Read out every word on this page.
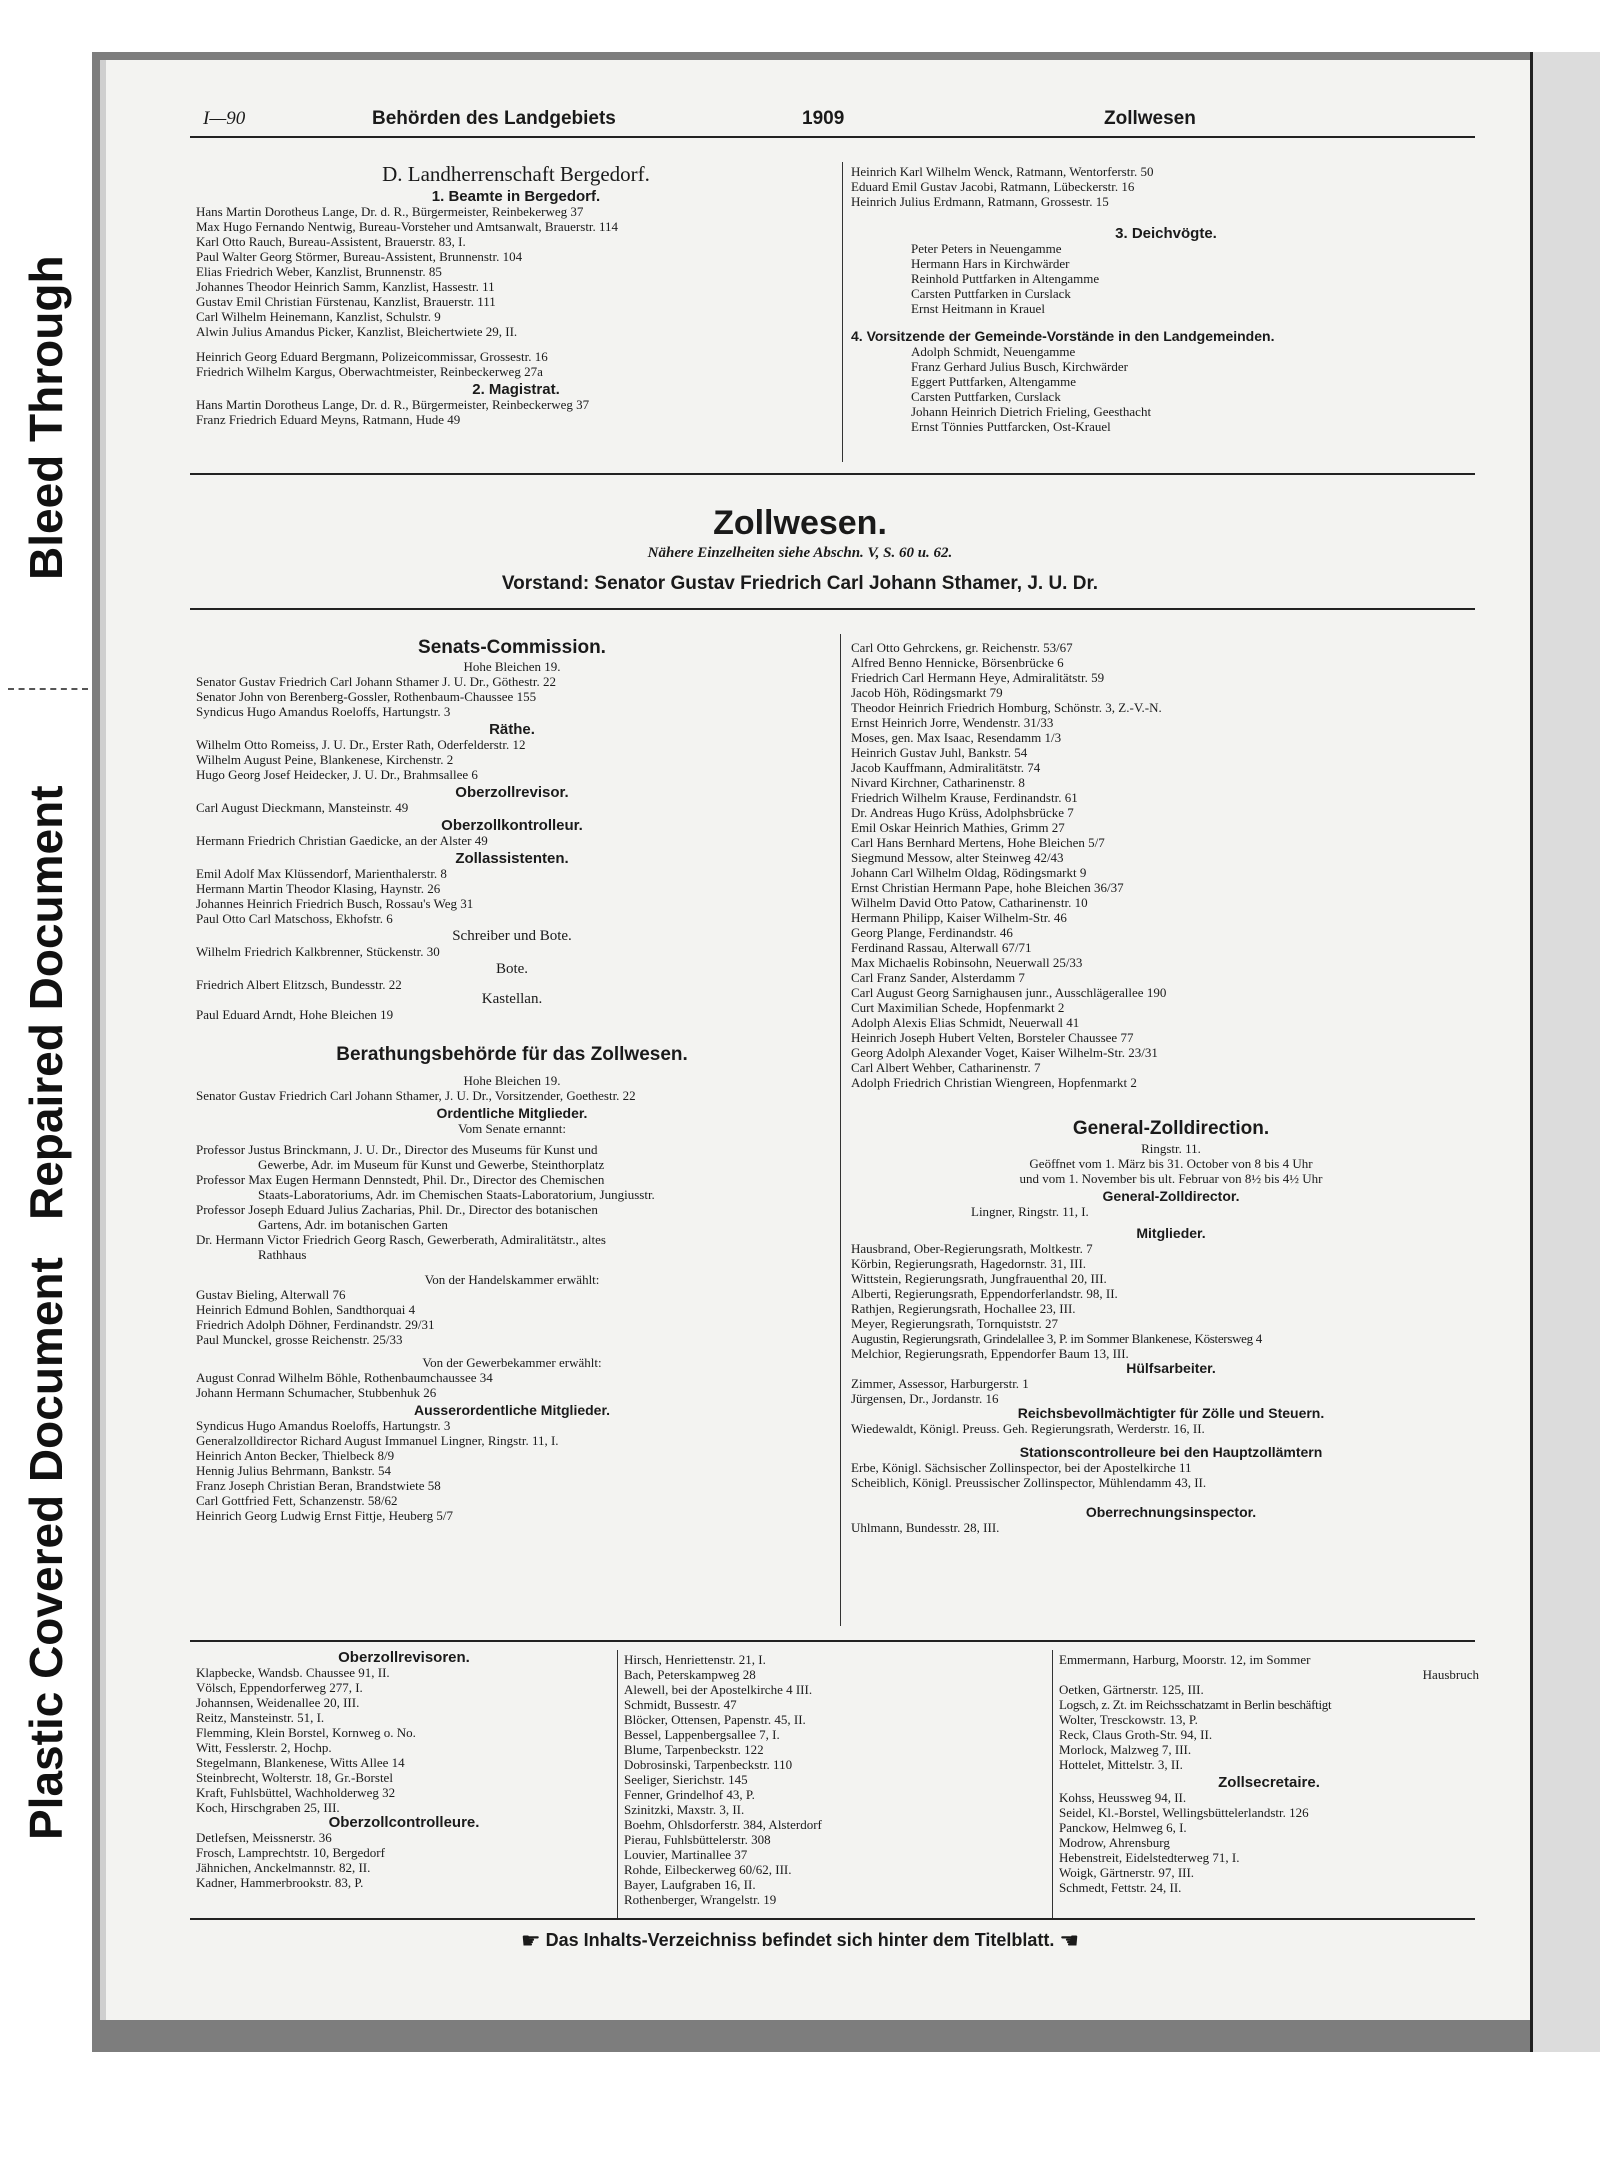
Bleed Through
Repaired Document
Plastic Covered Document
I—90	Behörden des Landgebiets	1909	Zollwesen
D. Landherrenschaft Bergedorf.
1. Beamte in Bergedorf.
Hans Martin Dorotheus Lange, Dr. d. R., Bürgermeister, Reinbekerweg 37
Max Hugo Fernando Nentwig, Bureau-Vorsteher und Amtsanwalt, Brauerstr. 114
Karl Otto Rauch, Bureau-Assistent, Brauerstr. 83, I.
Paul Walter Georg Störmer, Bureau-Assistent, Brunnenstr. 104
Elias Friedrich Weber, Kanzlist, Brunnenstr. 85
Johannes Theodor Heinrich Samm, Kanzlist, Hassestr. 11
Gustav Emil Christian Fürstenau, Kanzlist, Brauerstr. 111
Carl Wilhelm Heinemann, Kanzlist, Schulstr. 9
Alwin Julius Amandus Picker, Kanzlist, Bleichertwiete 29, II.
Heinrich Georg Eduard Bergmann, Polizeicommissar, Grossestr. 16
Friedrich Wilhelm Kargus, Oberwachtmeister, Reinbeckerweg 27a
2. Magistrat.
Hans Martin Dorotheus Lange, Dr. d. R., Bürgermeister, Reinbeckerweg 37
Franz Friedrich Eduard Meyns, Ratmann, Hude 49
Heinrich Karl Wilhelm Wenck, Ratmann, Wentorferstr. 50
Eduard Emil Gustav Jacobi, Ratmann, Lübeckerstr. 16
Heinrich Julius Erdmann, Ratmann, Grossestr. 15
3. Deichvögte.
Peter Peters in Neuengamme
Hermann Hars in Kirchwärder
Reinhold Puttfarken in Altengamme
Carsten Puttfarken in Curslack
Ernst Heitmann in Krauel
4. Vorsitzende der Gemeinde-Vorstände in den Landgemeinden.
Adolph Schmidt, Neuengamme
Franz Gerhard Julius Busch, Kirchwärder
Eggert Puttfarken, Altengamme
Carsten Puttfarken, Curslack
Johann Heinrich Dietrich Frieling, Geesthacht
Ernst Tönnies Puttfarcken, Ost-Krauel
Zollwesen.
Nähere Einzelheiten siehe Abschn. V, S. 60 u. 62.
Vorstand: Senator Gustav Friedrich Carl Johann Sthamer, J. U. Dr.
Senats-Commission.
Hohe Bleichen 19.
Senator Gustav Friedrich Carl Johann Sthamer J. U. Dr., Göthestr. 22
Senator John von Berenberg-Gossler, Rothenbaum-Chaussee 155
Syndicus Hugo Amandus Roeloffs, Hartungstr. 3
Räthe.
Wilhelm Otto Romeiss, J. U. Dr., Erster Rath, Oderfelderstr. 12
Wilhelm August Peine, Blankenese, Kirchenstr. 2
Hugo Georg Josef Heidecker, J. U. Dr., Brahmsallee 6
Oberzollrevisor.
Carl August Dieckmann, Mansteinstr. 49
Oberzollkontrolleur.
Hermann Friedrich Christian Gaedicke, an der Alster 49
Zollassistenten.
Emil Adolf Max Klüssendorf, Marienthalerstr. 8
Hermann Martin Theodor Klasing, Haynstr. 26
Johannes Heinrich Friedrich Busch, Rossau's Weg 31
Paul Otto Carl Matschoss, Ekhofstr. 6
Schreiber und Bote.
Wilhelm Friedrich Kalkbrenner, Stückenstr. 30
Bote.
Friedrich Albert Elitzsch, Bundesstr. 22
Kastellan.
Paul Eduard Arndt, Hohe Bleichen 19
Berathungsbehörde für das Zollwesen.
Hohe Bleichen 19.
Senator Gustav Friedrich Carl Johann Sthamer, J. U. Dr., Vorsitzender, Goethestr. 22
Ordentliche Mitglieder.
Vom Senate ernannt:
Professor Justus Brinckmann, J. U. Dr., Director des Museums für Kunst und
Gewerbe, Adr. im Museum für Kunst und Gewerbe, Steinthorplatz
Professor Max Eugen Hermann Dennstedt, Phil. Dr., Director des Chemischen
Staats-Laboratoriums, Adr. im Chemischen Staats-Laboratorium, Jungiusstr.
Professor Joseph Eduard Julius Zacharias, Phil. Dr., Director des botanischen
Gartens, Adr. im botanischen Garten
Dr. Hermann Victor Friedrich Georg Rasch, Gewerberath, Admiralitätstr., altes
Rathhaus
Von der Handelskammer erwählt:
Gustav Bieling, Alterwall 76
Heinrich Edmund Bohlen, Sandthorquai 4
Friedrich Adolph Döhner, Ferdinandstr. 29/31
Paul Munckel, grosse Reichenstr. 25/33
Von der Gewerbekammer erwählt:
August Conrad Wilhelm Böhle, Rothenbaumchaussee 34
Johann Hermann Schumacher, Stubbenhuk 26
Ausserordentliche Mitglieder.
Syndicus Hugo Amandus Roeloffs, Hartungstr. 3
Generalzolldirector Richard August Immanuel Lingner, Ringstr. 11, I.
Heinrich Anton Becker, Thielbeck 8/9
Hennig Julius Behrmann, Bankstr. 54
Franz Joseph Christian Beran, Brandstwiete 58
Carl Gottfried Fett, Schanzenstr. 58/62
Heinrich Georg Ludwig Ernst Fittje, Heuberg 5/7
Carl Otto Gehrckens, gr. Reichenstr. 53/67
Alfred Benno Hennicke, Börsenbrücke 6
Friedrich Carl Hermann Heye, Admiralitätstr. 59
Jacob Höh, Rödingsmarkt 79
Theodor Heinrich Friedrich Homburg, Schönstr. 3, Z.-V.-N.
Ernst Heinrich Jorre, Wendenstr. 31/33
Moses, gen. Max Isaac, Resendamm 1/3
Heinrich Gustav Juhl, Bankstr. 54
Jacob Kauffmann, Admiralitätstr. 74
Nivard Kirchner, Catharinenstr. 8
Friedrich Wilhelm Krause, Ferdinandstr. 61
Dr. Andreas Hugo Krüss, Adolphsbrücke 7
Emil Oskar Heinrich Mathies, Grimm 27
Carl Hans Bernhard Mertens, Hohe Bleichen 5/7
Siegmund Messow, alter Steinweg 42/43
Johann Carl Wilhelm Oldag, Rödingsmarkt 9
Ernst Christian Hermann Pape, hohe Bleichen 36/37
Wilhelm David Otto Patow, Catharinenstr. 10
Hermann Philipp, Kaiser Wilhelm-Str. 46
Georg Plange, Ferdinandstr. 46
Ferdinand Rassau, Alterwall 67/71
Max Michaelis Robinsohn, Neuerwall 25/33
Carl Franz Sander, Alsterdamm 7
Carl August Georg Sarnighausen junr., Ausschlägerallee 190
Curt Maximilian Schede, Hopfenmarkt 2
Adolph Alexis Elias Schmidt, Neuerwall 41
Heinrich Joseph Hubert Velten, Borsteler Chaussee 77
Georg Adolph Alexander Voget, Kaiser Wilhelm-Str. 23/31
Carl Albert Wehber, Catharinenstr. 7
Adolph Friedrich Christian Wiengreen, Hopfenmarkt 2
General-Zolldirection.
Ringstr. 11.
Geöffnet vom 1. März bis 31. October von 8 bis 4 Uhr
und vom 1. November bis ult. Februar von 8½ bis 4½ Uhr
General-Zolldirector.
Lingner, Ringstr. 11, I.
Mitglieder.
Hausbrand, Ober-Regierungsrath, Moltkestr. 7
Körbin, Regierungsrath, Hagedornstr. 31, III.
Wittstein, Regierungsrath, Jungfrauenthal 20, III.
Alberti, Regierungsrath, Eppendorferlandstr. 98, II.
Rathjen, Regierungsrath, Hochallee 23, III.
Meyer, Regierungsrath, Tornquiststr. 27
Augustin, Regierungsrath, Grindelallee 3, P. im Sommer Blankenese, Köstersweg 4
Melchior, Regierungsrath, Eppendorfer Baum 13, III.
Hülfsarbeiter.
Zimmer, Assessor, Harburgerstr. 1
Jürgensen, Dr., Jordanstr. 16
Reichsbevollmächtigter für Zölle und Steuern.
Wiedewaldt, Königl. Preuss. Geh. Regierungsrath, Werderstr. 16, II.
Stationscontrolleure bei den Hauptzollämtern
Erbe, Königl. Sächsischer Zollinspector, bei der Apostelkirche 11
Scheiblich, Königl. Preussischer Zollinspector, Mühlendamm 43, II.
Oberrechnungsinspector.
Uhlmann, Bundesstr. 28, III.
Oberzollrevisoren.
Klapbecke, Wandsb. Chaussee 91, II.
Völsch, Eppendorferweg 277, I.
Johannsen, Weidenallee 20, III.
Reitz, Mansteinstr. 51, I.
Flemming, Klein Borstel, Kornweg o. No.
Witt, Fesslerstr. 2, Hochp.
Stegelmann, Blankenese, Witts Allee 14
Steinbrecht, Wolterstr. 18, Gr.-Borstel
Kraft, Fuhlsbüttel, Wachholderweg 32
Koch, Hirschgraben 25, III.
Oberzollcontrolleure.
Detlefsen, Meissnerstr. 36
Frosch, Lamprechtstr. 10, Bergedorf
Jähnichen, Anckelmannstr. 82, II.
Kadner, Hammerbrookstr. 83, P.
Hirsch, Henriettenstr. 21, I.
Bach, Peterskampweg 28
Alewell, bei der Apostelkirche 4 III.
Schmidt, Bussestr. 47
Blöcker, Ottensen, Papenstr. 45, II.
Bessel, Lappenbergsallee 7, I.
Blume, Tarpenbeckstr. 122
Dobrosinski, Tarpenbeckstr. 110
Seeliger, Sierichstr. 145
Fenner, Grindelhof 43, P.
Szinitzki, Maxstr. 3, II.
Boehm, Ohlsdorferstr. 384, Alsterdorf
Pierau, Fuhlsbüttelerstr. 308
Louvier, Martinallee 37
Rohde, Eilbeckerweg 60/62, III.
Bayer, Laufgraben 16, II.
Rothenberger, Wrangelstr. 19
Emmermann, Harburg, Moorstr. 12, im Sommer
Hausbruch
Oetken, Gärtnerstr. 125, III.
Logsch, z. Zt. im Reichsschatzamt in Berlin beschäftigt
Wolter, Tresckowstr. 13, P.
Reck, Claus Groth-Str. 94, II.
Morlock, Malzweg 7, III.
Hottelet, Mittelstr. 3, II.
Zollsecretaire.
Kohss, Heussweg 94, II.
Seidel, Kl.-Borstel, Wellingsbüttelerlandstr. 126
Panckow, Helmweg 6, I.
Modrow, Ahrensburg
Hebenstreit, Eidelstedterweg 71, I.
Woigk, Gärtnerstr. 97, III.
Schmedt, Fettstr. 24, II.
☛ Das Inhalts-Verzeichniss befindet sich hinter dem Titelblatt. ☚
